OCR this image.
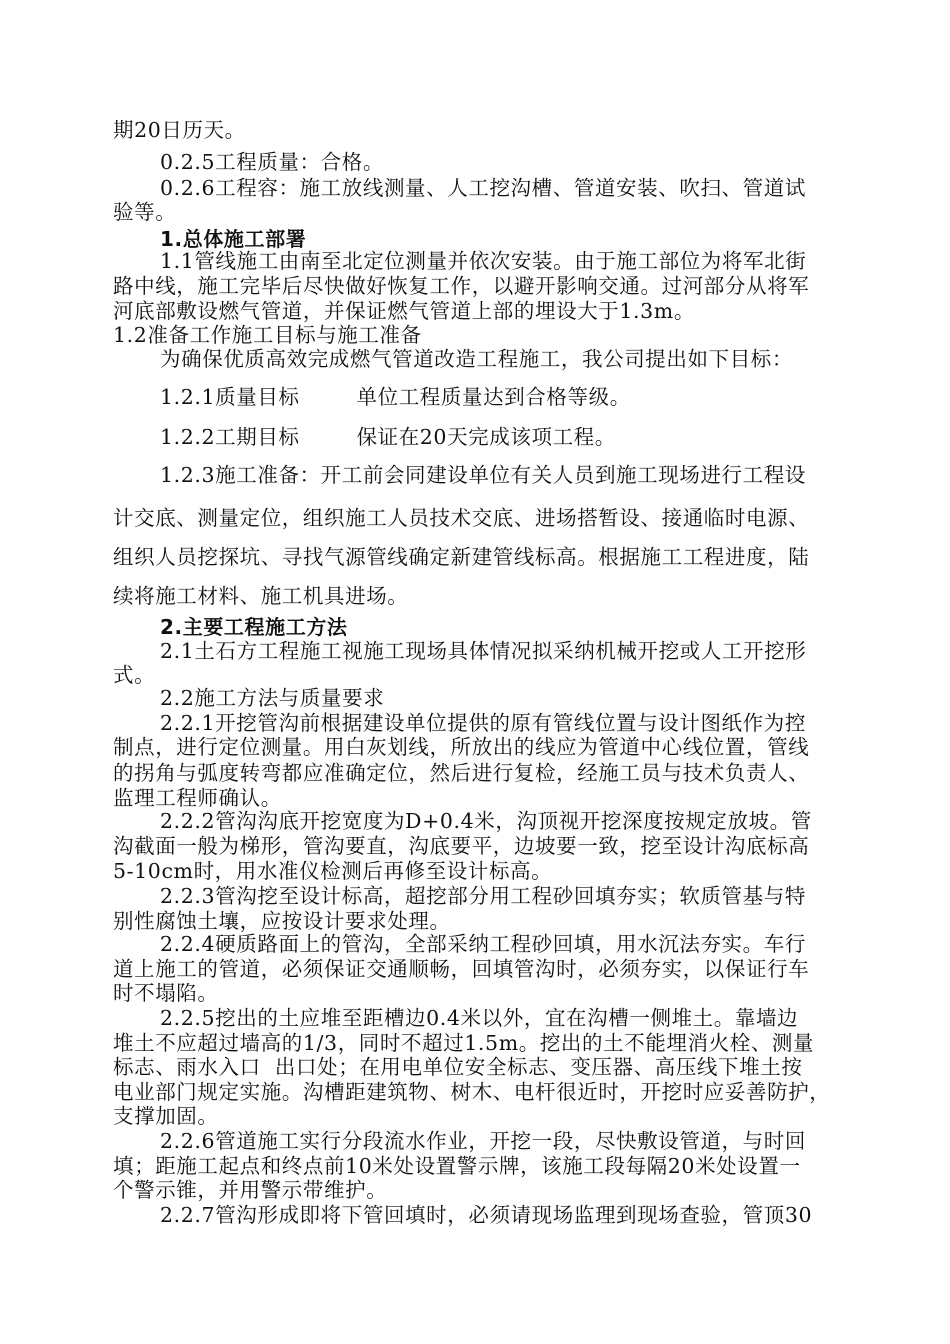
期20日历天。
0.2.5工程质量：合格。
0.2.6工程容：施工放线测量、人工挖沟槽、管道安装、吹扫、管道试
验等。
1.总体施工部署
1.1管线施工由南至北定位测量并依次安装。由于施工部位为将军北街
路中线，施工完毕后尽快做好恢复工作，以避开影响交通。过河部分从将军
河底部敷设燃气管道，并保证燃气管道上部的埋设大于1.3m。
1.2准备工作施工目标与施工准备
为确保优质高效完成燃气管道改造工程施工，我公司提出如下目标：
1.2.1质量目标        单位工程质量达到合格等级。
1.2.2工期目标        保证在20天完成该项工程。
1.2.3施工准备：开工前会同建设单位有关人员到施工现场进行工程设
计交底、测量定位，组织施工人员技术交底、进场搭暂设、接通临时电源、
组织人员挖探坑、寻找气源管线确定新建管线标高。根据施工工程进度，陆
续将施工材料、施工机具进场。
2.主要工程施工方法
2.1土石方工程施工视施工现场具体情况拟采纳机械开挖或人工开挖形
式。
2.2施工方法与质量要求
2.2.1开挖管沟前根据建设单位提供的原有管线位置与设计图纸作为控
制点，进行定位测量。用白灰划线，所放出的线应为管道中心线位置，管线
的拐角与弧度转弯都应准确定位，然后进行复检，经施工员与技术负责人、
监理工程师确认。
2.2.2管沟沟底开挖宽度为D+0.4米，沟顶视开挖深度按规定放坡。管
沟截面一般为梯形，管沟要直，沟底要平，边坡要一致，挖至设计沟底标高
5-10cm时，用水准仪检测后再修至设计标高。
2.2.3管沟挖至设计标高，超挖部分用工程砂回填夯实；软质管基与特
别性腐蚀土壤，应按设计要求处理。
2.2.4硬质路面上的管沟，全部采纳工程砂回填，用水沉法夯实。车行
道上施工的管道，必须保证交通顺畅，回填管沟时，必须夯实，以保证行车
时不塌陷。
2.2.5挖出的土应堆至距槽边0.4米以外，宜在沟槽一侧堆土。靠墙边
堆土不应超过墙高的1/3，同时不超过1.5m。挖出的土不能埋消火栓、测量
标志、雨水入口  出口处；在用电单位安全标志、变压器、高压线下堆土按
电业部门规定实施。沟槽距建筑物、树木、电杆很近时，开挖时应妥善防护，
支撑加固。
2.2.6管道施工实行分段流水作业，开挖一段，尽快敷设管道，与时回
填；距施工起点和终点前10米处设置警示牌，该施工段每隔20米处设置一
个警示锥，并用警示带维护。
2.2.7管沟形成即将下管回填时，必须请现场监理到现场查验，管顶30
